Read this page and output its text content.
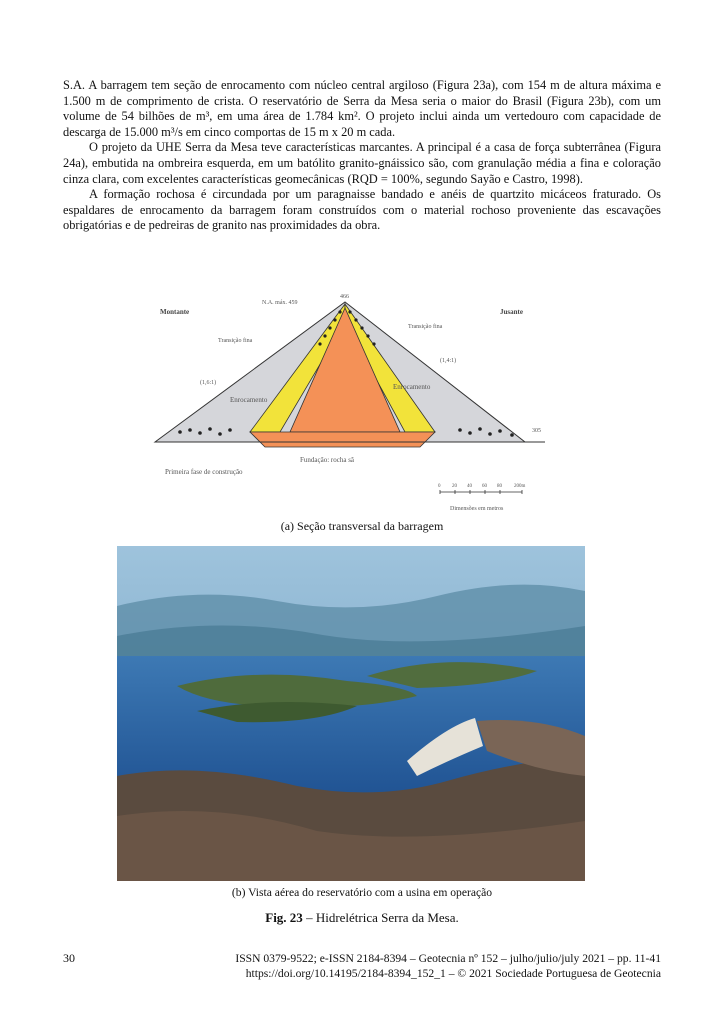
S.A. A barragem tem seção de enrocamento com núcleo central argiloso (Figura 23a), com 154 m de altura máxima e 1.500 m de comprimento de crista. O reservatório de Serra da Mesa seria o maior do Brasil (Figura 23b), com um volume de 54 bilhões de m³, em uma área de 1.784 km². O projeto inclui ainda um vertedouro com capacidade de descarga de 15.000 m³/s em cinco comportas de 15 m x 20 m cada.

O projeto da UHE Serra da Mesa teve características marcantes. A principal é a casa de força subterrânea (Figura 24a), embutida na ombreira esquerda, em um batólito granito-gnáissico são, com granulação média a fina e coloração cinza clara, com excelentes características geomecânicas (RQD = 100%, segundo Sayão e Castro, 1998).

A formação rochosa é circundada por um paragnaisse bandado e anéis de quartzito micáceos fraturado. Os espaldares de enrocamento da barragem foram construídos com o material rochoso proveniente das escavações obrigatórias e de pedreiras de granito nas proximidades da obra.

Montante	Jusante
N.A. máx. 459
466
Transição fina
Transição fina
(1,6:1)
(1,4:1)
Enrocamento
Enrocamento
305
Fundação: rocha sã
Primeira fase de construção
0 20 40 60 80 200m
Dimensões em metros
(a) Seção transversal da barragem
(b) Vista aérea do reservatório com a usina em operação
Fig. 23 – Hidrelétrica Serra da Mesa.
30	ISSN 0379-9522; e-ISSN 2184-8394 – Geotecnia nº 152 – julho/julio/july 2021 – pp. 11-41
https://doi.org/10.14195/2184-8394_152_1 – © 2021 Sociedade Portuguesa de Geotecnia
